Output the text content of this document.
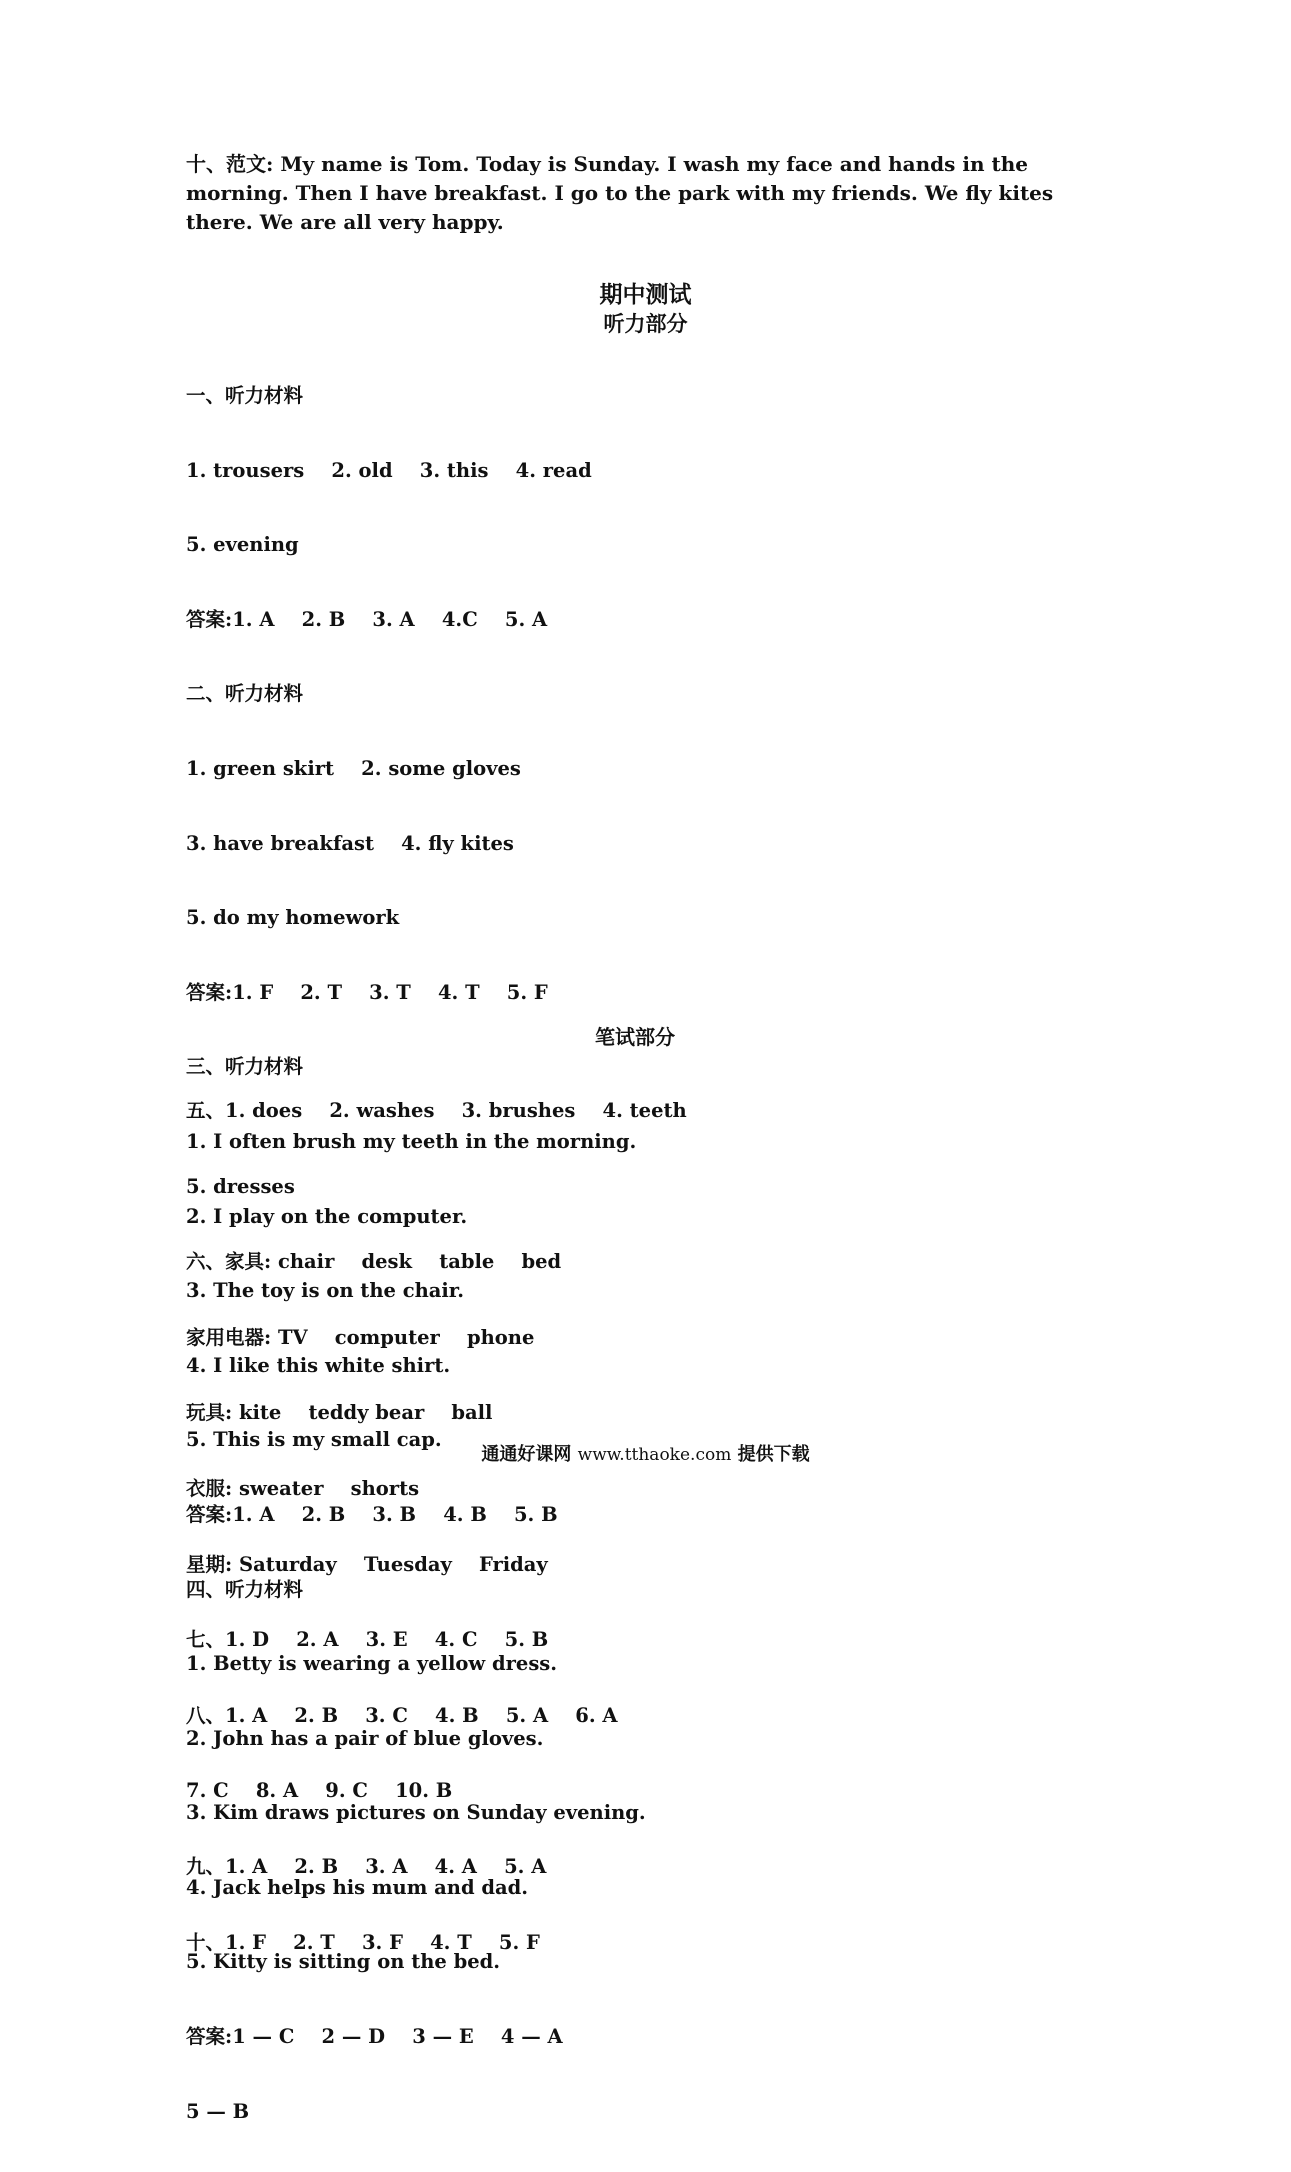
十、范文: My name is Tom. Today is Sunday. I wash my face and hands in the morning. Then I have breakfast. I go to the park with my friends. We fly kites there. We are all very happy.
期中测试
听力部分

一、听力材料

1. trousers    2. old    3. this    4. read

5. evening

答案:1. A    2. B    3. A    4.C    5. A

二、听力材料

1. green skirt    2. some gloves

3. have breakfast    4. fly kites

5. do my homework

答案:1. F    2. T    3. T    4. T    5. F

三、听力材料

1. I often brush my teeth in the morning.

2. I play on the computer.

3. The toy is on the chair.

4. I like this white shirt.

5. This is my small cap.

答案:1. A    2. B    3. B    4. B    5. B

四、听力材料

1. Betty is wearing a yellow dress.

2. John has a pair of blue gloves.

3. Kim draws pictures on Sunday evening.

4. Jack helps his mum and dad.

5. Kitty is sitting on the bed.

答案:1 — C    2 — D    3 — E    4 — A

5 — B

笔试部分

五、1. does    2. washes    3. brushes    4. teeth

5. dresses

六、家具: chair    desk    table    bed

家用电器: TV    computer    phone

玩具: kite    teddy bear    ball

衣服: sweater    shorts

星期: Saturday    Tuesday    Friday

七、1. D    2. A    3. E    4. C    5. B

八、1. A    2. B    3. C    4. B    5. A    6. A

7. C    8. A    9. C    10. B

九、1. A    2. B    3. A    4. A    5. A

十、1. F    2. T    3. F    4. T    5. F

通通好课网 www.tthaoke.com 提供下载
